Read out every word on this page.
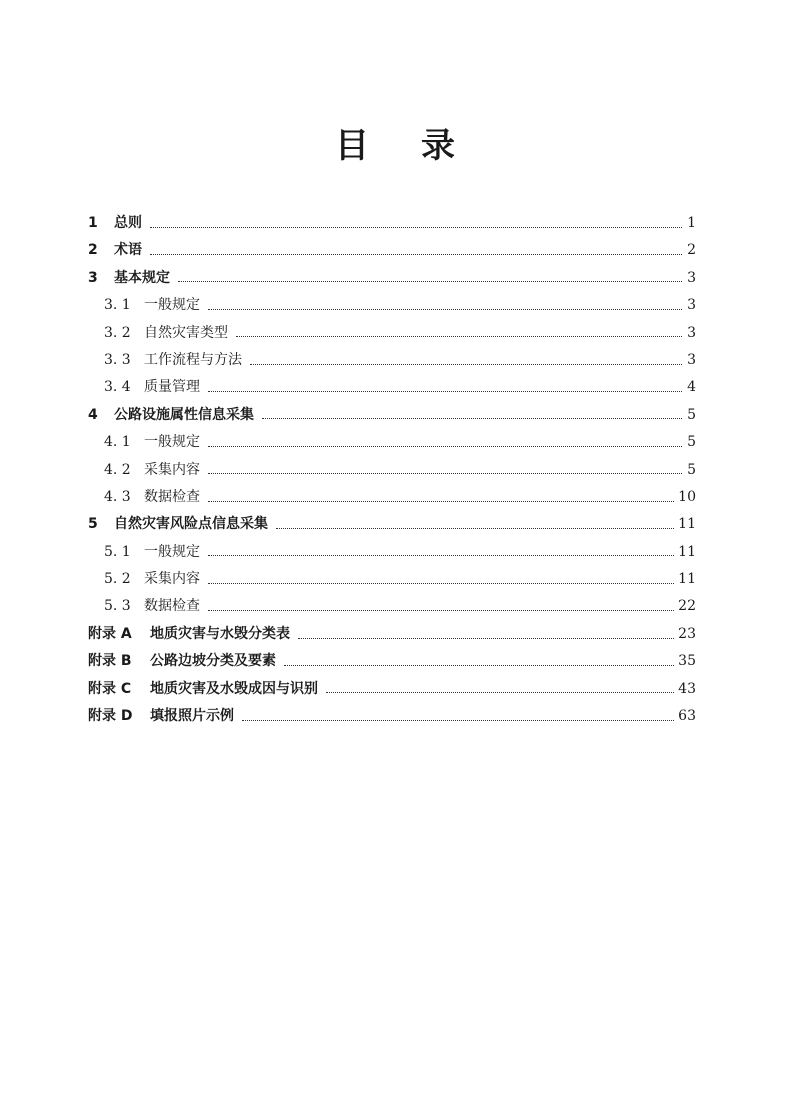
目 录
1	总则	1
2	术语	2
3	基本规定	3
3. 1 一般规定	3
3. 2 自然灾害类型	3
3. 3 工作流程与方法	3
3. 4 质量管理	4
4	公路设施属性信息采集	5
4. 1 一般规定	5
4. 2 采集内容	5
4. 3 数据检查	10
5	自然灾害风险点信息采集	11
5. 1 一般规定	11
5. 2 采集内容	11
5. 3 数据检查	22
附录 A	地质灾害与水毁分类表	23
附录 B	公路边坡分类及要素	35
附录 C	地质灾害及水毁成因与识别	43
附录 D	填报照片示例	63
